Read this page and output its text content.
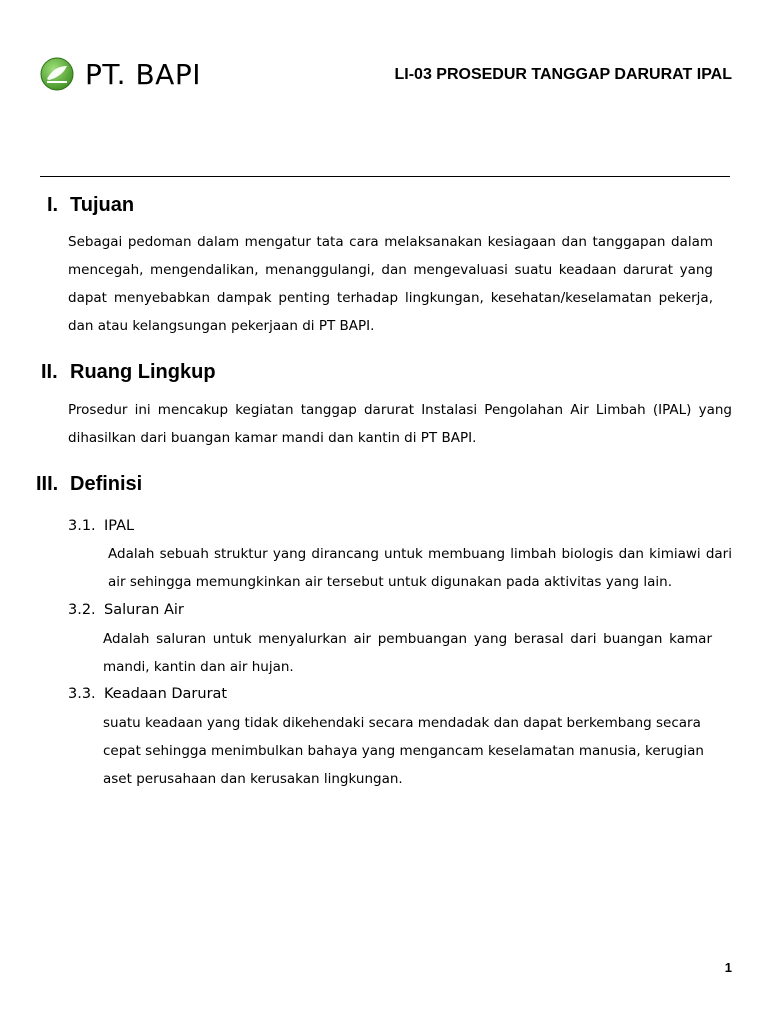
PT. BAPI	LI-03 PROSEDUR TANGGAP DARURAT IPAL
I. Tujuan

Sebagai pedoman dalam mengatur tata cara melaksanakan kesiagaan dan tanggapan dalam mencegah, mengendalikan, menanggulangi, dan mengevaluasi suatu keadaan darurat yang dapat menyebabkan dampak penting terhadap lingkungan, kesehatan/keselamatan pekerja, dan atau kelangsungan pekerjaan di PT BAPI.

II. Ruang Lingkup

Prosedur ini mencakup kegiatan tanggap darurat Instalasi Pengolahan Air Limbah (IPAL) yang dihasilkan dari buangan kamar mandi dan kantin di PT BAPI.

III. Definisi
3.1. IPAL

Adalah sebuah struktur yang dirancang untuk membuang limbah biologis dan kimiawi dari air sehingga memungkinkan air tersebut untuk digunakan pada aktivitas yang lain.

3.2. Saluran Air

Adalah saluran untuk menyalurkan air pembuangan yang berasal dari buangan kamar mandi, kantin dan air hujan.

3.3. Keadaan Darurat

suatu keadaan yang tidak dikehendaki secara mendadak dan dapat berkembang secara cepat sehingga menimbulkan bahaya yang mengancam keselamatan manusia, kerugian aset perusahaan dan kerusakan lingkungan.

1
